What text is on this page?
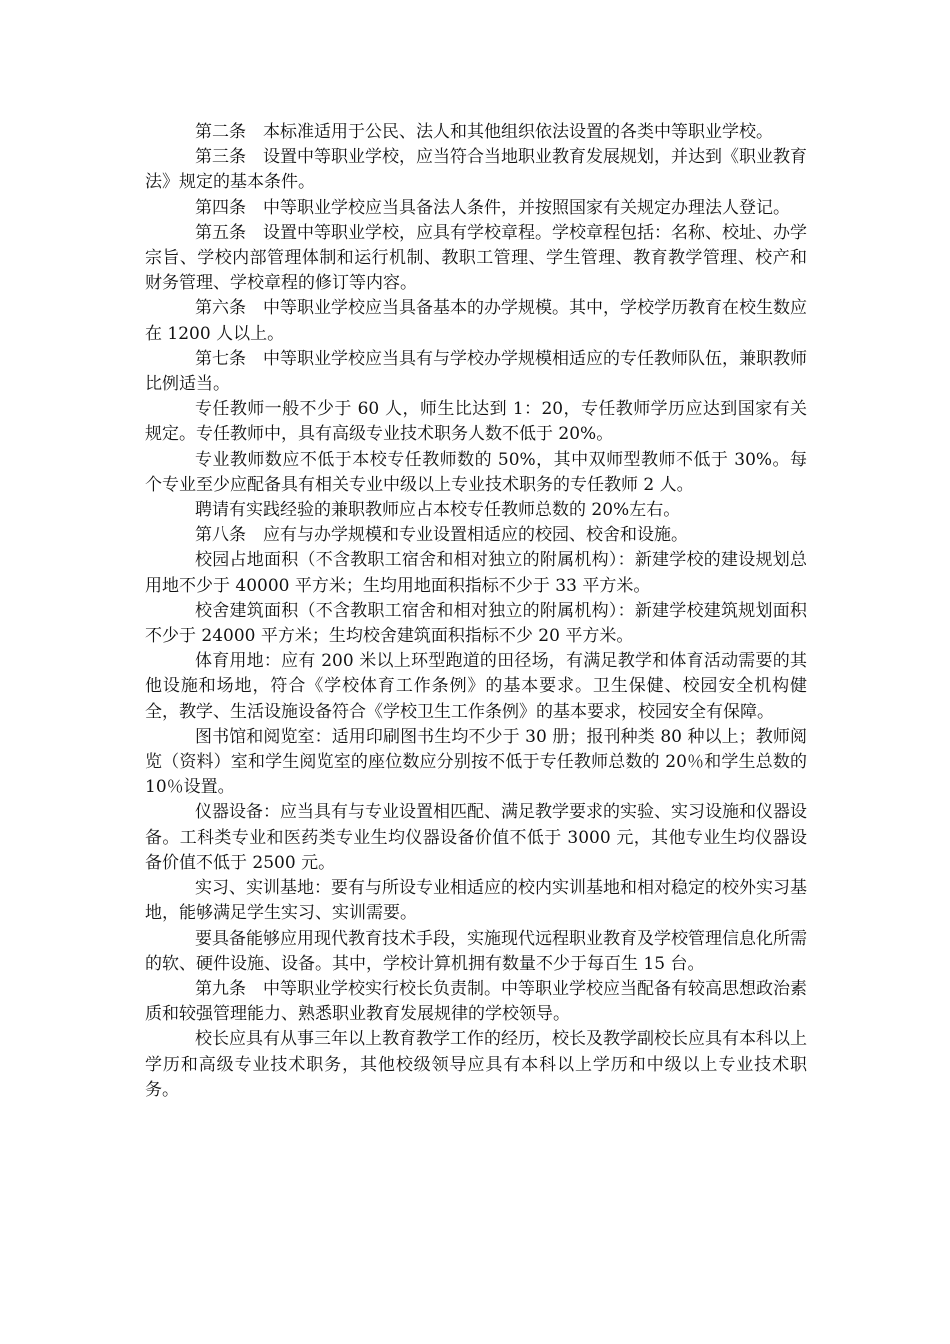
第二条　本标准适用于公民、法人和其他组织依法设置的各类中等职业学校。

第三条　设置中等职业学校，应当符合当地职业教育发展规划，并达到《职业教育法》规定的基本条件。

第四条　中等职业学校应当具备法人条件，并按照国家有关规定办理法人登记。

第五条　设置中等职业学校，应具有学校章程。学校章程包括：名称、校址、办学宗旨、学校内部管理体制和运行机制、教职工管理、学生管理、教育教学管理、校产和财务管理、学校章程的修订等内容。

第六条　中等职业学校应当具备基本的办学规模。其中，学校学历教育在校生数应在 1200 人以上。

第七条　中等职业学校应当具有与学校办学规模相适应的专任教师队伍，兼职教师比例适当。

专任教师一般不少于 60 人，师生比达到 1：20，专任教师学历应达到国家有关规定。专任教师中，具有高级专业技术职务人数不低于 20%。

专业教师数应不低于本校专任教师数的 50%，其中双师型教师不低于 30%。每个专业至少应配备具有相关专业中级以上专业技术职务的专任教师 2 人。

聘请有实践经验的兼职教师应占本校专任教师总数的 20%左右。

第八条　应有与办学规模和专业设置相适应的校园、校舍和设施。

校园占地面积（不含教职工宿舍和相对独立的附属机构）：新建学校的建设规划总用地不少于 40000 平方米；生均用地面积指标不少于 33 平方米。

校舍建筑面积（不含教职工宿舍和相对独立的附属机构）：新建学校建筑规划面积不少于 24000 平方米；生均校舍建筑面积指标不少 20 平方米。

体育用地：应有 200 米以上环型跑道的田径场，有满足教学和体育活动需要的其他设施和场地，符合《学校体育工作条例》的基本要求。卫生保健、校园安全机构健全，教学、生活设施设备符合《学校卫生工作条例》的基本要求，校园安全有保障。

图书馆和阅览室：适用印刷图书生均不少于 30 册；报刊种类 80 种以上；教师阅览（资料）室和学生阅览室的座位数应分别按不低于专任教师总数的 20％和学生总数的 10％设置。

仪器设备：应当具有与专业设置相匹配、满足教学要求的实验、实习设施和仪器设备。工科类专业和医药类专业生均仪器设备价值不低于 3000 元，其他专业生均仪器设备价值不低于 2500 元。

实习、实训基地：要有与所设专业相适应的校内实训基地和相对稳定的校外实习基地，能够满足学生实习、实训需要。

要具备能够应用现代教育技术手段，实施现代远程职业教育及学校管理信息化所需的软、硬件设施、设备。其中，学校计算机拥有数量不少于每百生 15 台。

第九条　中等职业学校实行校长负责制。中等职业学校应当配备有较高思想政治素质和较强管理能力、熟悉职业教育发展规律的学校领导。

校长应具有从事三年以上教育教学工作的经历，校长及教学副校长应具有本科以上学历和高级专业技术职务，其他校级领导应具有本科以上学历和中级以上专业技术职务。
